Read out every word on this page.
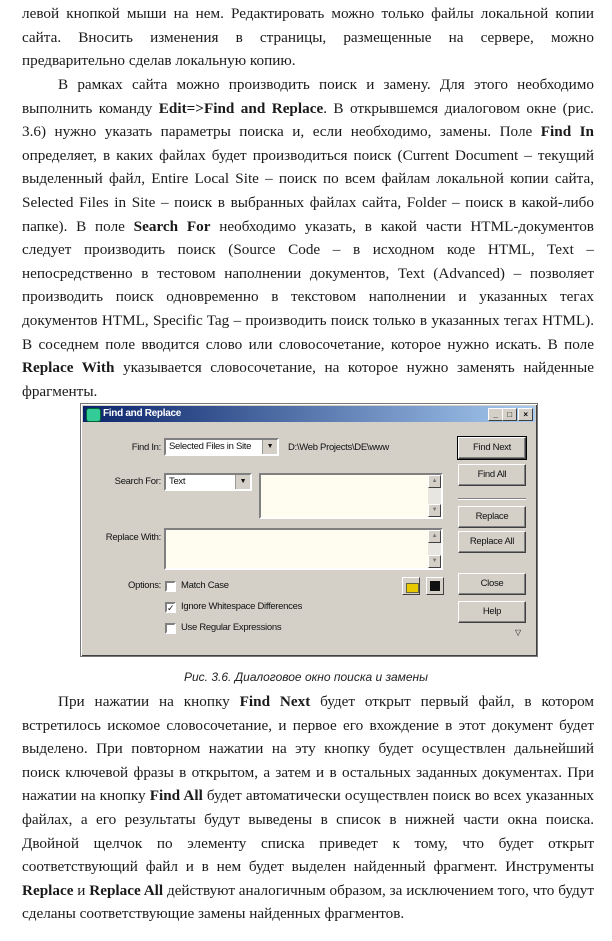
левой кнопкой мыши на нем. Редактировать можно только файлы локальной копии сайта. Вносить изменения в страницы, размещенные на сервере, можно предварительно сделав локальную копию.

В рамках сайта можно производить поиск и замену. Для этого необходимо выполнить команду Edit=>Find and Replace. В открывшемся диалоговом окне (рис. 3.6) нужно указать параметры поиска и, если необходимо, замены. Поле Find In определяет, в каких файлах будет производиться поиск (Current Document – текущий выделенный файл, Entire Local Site – поиск по всем файлам локальной копии сайта, Selected Files in Site – поиск в выбранных файлах сайта, Folder – поиск в какой-либо папке). В поле Search For необходимо указать, в какой части HTML-документов следует производить поиск (Source Code – в исходном коде HTML, Text – непосредственно в тестовом наполнении документов, Text (Advanced) – позволяет производить поиск одновременно в текстовом наполнении и указанных тегах документов HTML, Specific Tag – производить поиск только в указанных тегах HTML). В соседнем поле вводится слово или словосочетание, которое нужно искать. В поле Replace With указывается словосочетание, на которое нужно заменять найденные фрагменты.

Find and Replace	_	□	×
Find In: Selected Files in Site	▼	D:\Web Projects\DE\www
Search For: Text	▼	▲
▼
Replace With:	▲
▼
Options: Match Case
✓ Ignore Whitespace Differences
Use Regular Expressions
Find Next
Find All
Replace
Replace All
Close
Help
▽
Рис. 3.6. Диалоговое окно поиска и замены

При нажатии на кнопку Find Next будет открыт первый файл, в котором встретилось искомое словосочетание, и первое его вхождение в этот документ будет выделено. При повторном нажатии на эту кнопку будет осуществлен дальнейший поиск ключевой фразы в открытом, а затем и в остальных заданных документах. При нажатии на кнопку Find All будет автоматически осуществлен поиск во всех указанных файлах, а его результаты будут выведены в список в нижней части окна поиска. Двойной щелчок по элементу списка приведет к тому, что будет открыт соответствующий файл и в нем будет выделен найденный фрагмент. Инструменты Replace и Replace All действуют аналогичным образом, за исключением того, что будут сделаны соответствующие замены найденных фрагментов.
